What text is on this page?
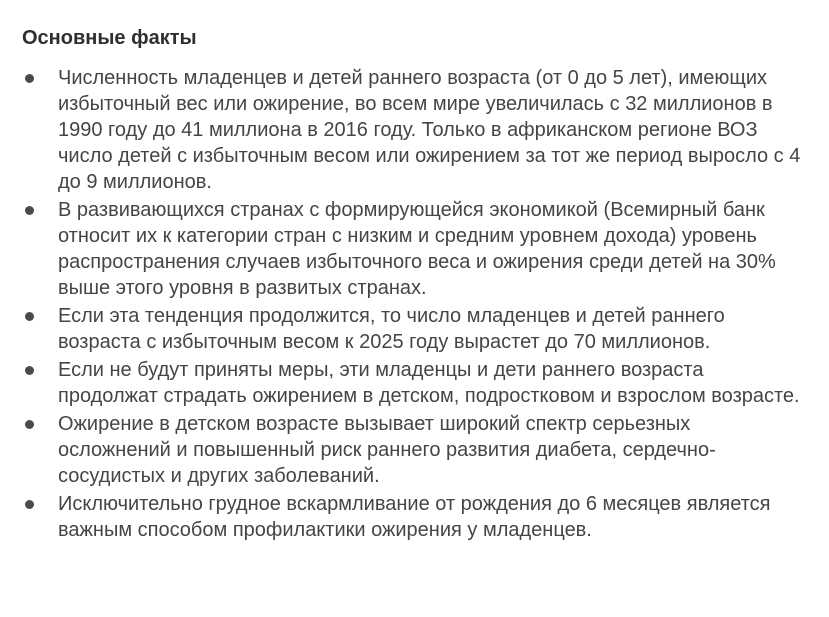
Основные факты
Численность младенцев и детей раннего возраста (от 0 до 5 лет), имеющих избыточный вес или ожирение, во всем мире увеличилась с 32 миллионов в 1990 году до 41 миллиона в 2016 году. Только в африканском регионе ВОЗ число детей с избыточным весом или ожирением за тот же период выросло с 4 до 9 миллионов.
В развивающихся странах с формирующейся экономикой (Всемирный банк относит их к категории стран с низким и средним уровнем дохода) уровень распространения случаев избыточного веса и ожирения среди детей на 30% выше этого уровня в развитых странах.
Если эта тенденция продолжится, то число младенцев и детей раннего возраста с избыточным весом к 2025 году вырастет до 70 миллионов.
Если не будут приняты меры, эти младенцы и дети раннего возраста продолжат страдать ожирением в детском, подростковом и взрослом возрасте.
Ожирение в детском возрасте вызывает широкий спектр серьезных осложнений и повышенный риск раннего развития диабета, сердечно-сосудистых и других заболеваний.
Исключительно грудное вскармливание от рождения до 6 месяцев является важным способом профилактики ожирения у младенцев.
